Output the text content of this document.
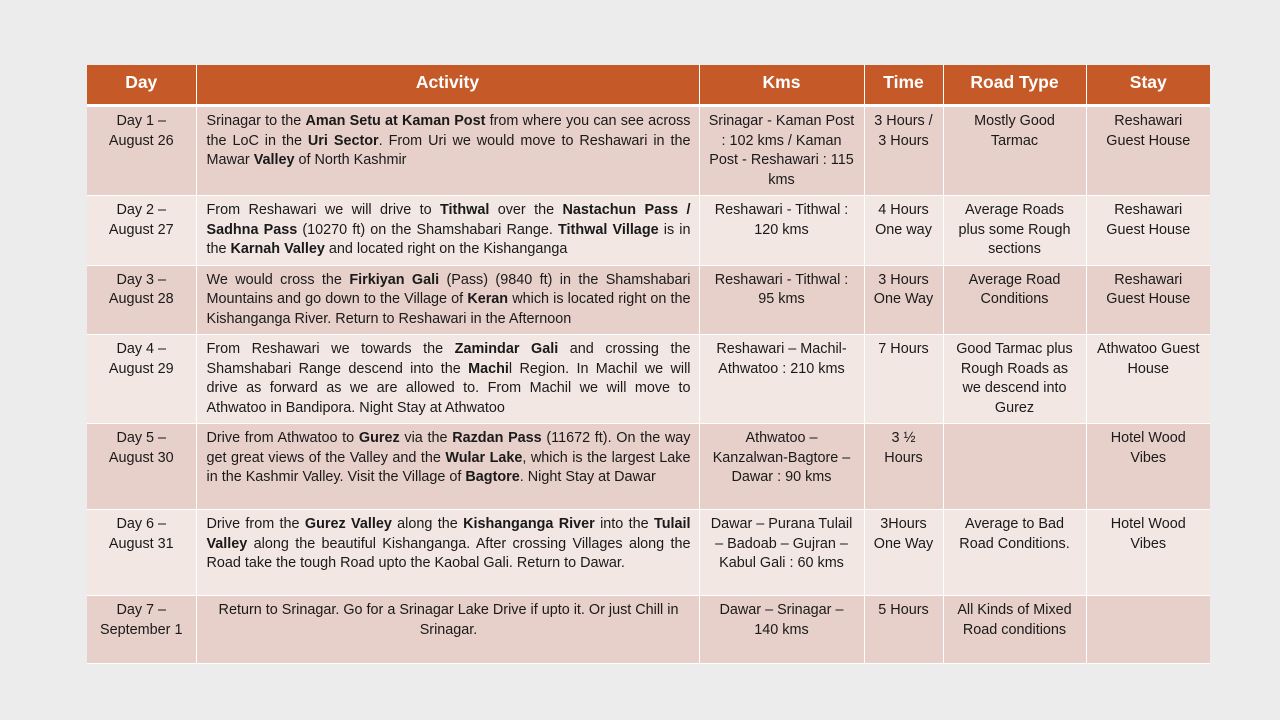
Day	Activity	Kms	Time	Road Type	Stay
Day 1 – August 26	Srinagar to the Aman Setu at Kaman Post from where you can see across the LoC in the Uri Sector. From Uri we would move to Reshawari in the Mawar Valley of North Kashmir	Srinagar - Kaman Post : 102 kms / Kaman Post - Reshawari : 115 kms	3 Hours / 3 Hours	Mostly Good Tarmac	Reshawari Guest House
Day 2 – August 27	From Reshawari we will drive to Tithwal over the Nastachun Pass / Sadhna Pass (10270 ft) on the Shamshabari Range. Tithwal Village is in the Karnah Valley and located right on the Kishanganga	Reshawari - Tithwal : 120 kms	4 Hours One way	Average Roads plus some Rough sections	Reshawari Guest House
Day 3 – August 28	We would cross the Firkiyan Gali (Pass) (9840 ft) in the Shamshabari Mountains and go down to the Village of Keran which is located right on the Kishanganga River. Return to Reshawari in the Afternoon	Reshawari - Tithwal : 95 kms	3 Hours One Way	Average Road Conditions	Reshawari Guest House
Day 4 – August 29	From Reshawari we towards the Zamindar Gali and crossing the Shamshabari Range descend into the Machil Region. In Machil we will drive as forward as we are allowed to. From Machil we will move to Athwatoo in Bandipora. Night Stay at Athwatoo	Reshawari – Machil-Athwatoo : 210 kms	7 Hours	Good Tarmac plus Rough Roads as we descend into Gurez	Athwatoo Guest House
Day 5 – August 30	Drive from Athwatoo to Gurez via the Razdan Pass (11672 ft). On the way get great views of the Valley and the Wular Lake, which is the largest Lake in the Kashmir Valley. Visit the Village of Bagtore. Night Stay at Dawar	Athwatoo – Kanzalwan-Bagtore – Dawar : 90 kms	3 ½ Hours		Hotel Wood Vibes
Day 6 – August 31	Drive from the Gurez Valley along the Kishanganga River into the Tulail Valley along the beautiful Kishanganga. After crossing Villages along the Road take the tough Road upto the Kaobal Gali. Return to Dawar.	Dawar – Purana Tulail – Badoab – Gujran – Kabul Gali : 60 kms	3Hours One Way	Average to Bad Road Conditions.	Hotel Wood Vibes
Day 7 – September 1	Return to Srinagar. Go for a Srinagar Lake Drive if upto it. Or just Chill in Srinagar.	Dawar – Srinagar – 140 kms	5 Hours	All Kinds of Mixed Road conditions	
